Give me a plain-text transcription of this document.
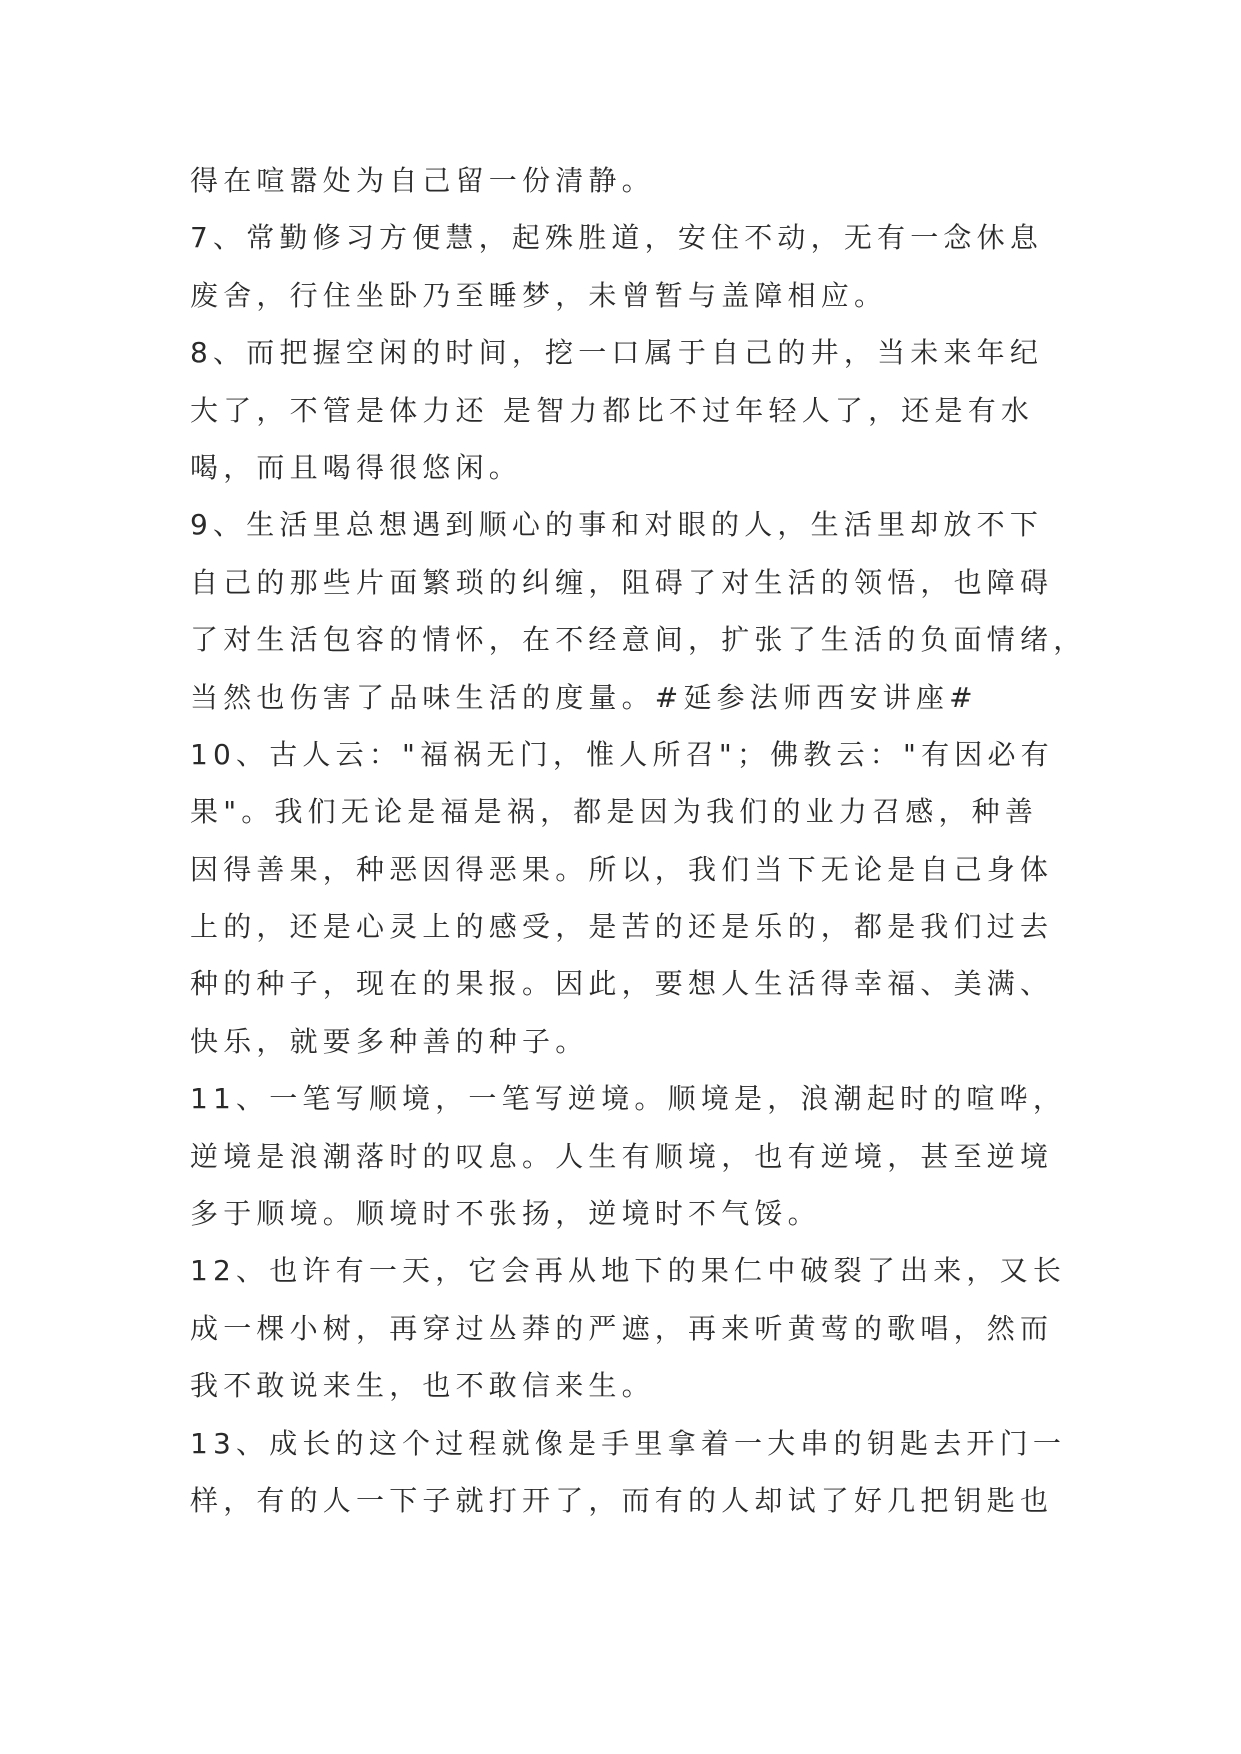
得在喧嚣处为自己留一份清静。
7、常勤修习方便慧，起殊胜道，安住不动，无有一念休息
废舍，行住坐卧乃至睡梦，未曾暂与盖障相应。
8、而把握空闲的时间，挖一口属于自己的井，当未来年纪
大了，不管是体力还 是智力都比不过年轻人了，还是有水
喝，而且喝得很悠闲。
9、生活里总想遇到顺心的事和对眼的人，生活里却放不下
自己的那些片面繁琐的纠缠，阻碍了对生活的领悟，也障碍
了对生活包容的情怀，在不经意间，扩张了生活的负面情绪，
当然也伤害了品味生活的度量。#延参法师西安讲座#
10、古人云："福祸无门，惟人所召"；佛教云："有因必有
果"。我们无论是福是祸，都是因为我们的业力召感，种善
因得善果，种恶因得恶果。所以，我们当下无论是自己身体
上的，还是心灵上的感受，是苦的还是乐的，都是我们过去
种的种子，现在的果报。因此，要想人生活得幸福、美满、
快乐，就要多种善的种子。
11、一笔写顺境，一笔写逆境。顺境是，浪潮起时的喧哗，
逆境是浪潮落时的叹息。人生有顺境，也有逆境，甚至逆境
多于顺境。顺境时不张扬，逆境时不气馁。
12、也许有一天，它会再从地下的果仁中破裂了出来，又长
成一棵小树，再穿过丛莽的严遮，再来听黄莺的歌唱，然而
我不敢说来生，也不敢信来生。
13、成长的这个过程就像是手里拿着一大串的钥匙去开门一
样，有的人一下子就打开了，而有的人却试了好几把钥匙也
